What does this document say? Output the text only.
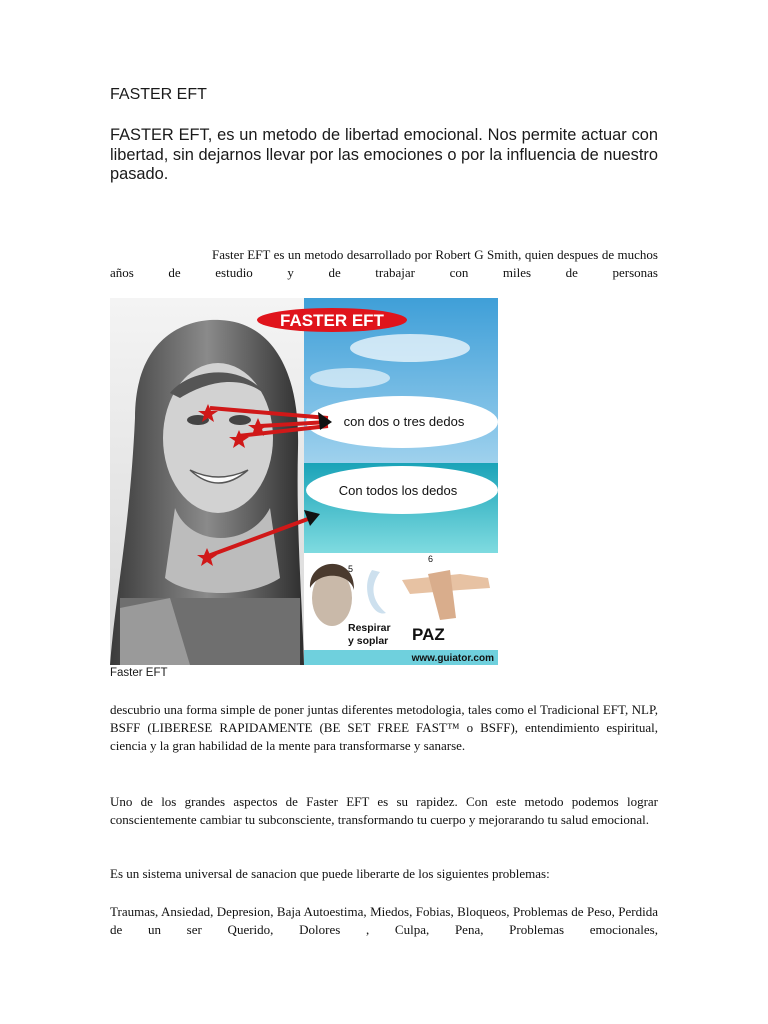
FASTER EFT

FASTER EFT, es un metodo de libertad emocional. Nos permite actuar con libertad, sin dejarnos llevar por las emociones o por la influencia de nuestro pasado.

Faster EFT es un metodo desarrollado por Robert G Smith, quien despues de muchos años de estudio y de trabajar con miles de personas

FASTER EFT
con dos o tres dedos
Con todos los dedos
5
Respirar
y soplar
6
PAZ
www.guiator.com
Faster EFT

descubrio una forma simple de poner juntas diferentes metodologia, tales como el Tradicional EFT, NLP, BSFF (LIBERESE RAPIDAMENTE (BE SET FREE FAST™ o BSFF), entendimiento espiritual, ciencia y la gran habilidad de la mente para transformarse y sanarse.

Uno de los grandes aspectos de Faster EFT es su rapidez. Con este metodo podemos lograr conscientemente cambiar tu subconsciente, transformando tu cuerpo y mejorarando tu salud emocional.

Es un sistema universal de sanacion que puede liberarte de los siguientes problemas:

Traumas, Ansiedad, Depresion, Baja Autoestima, Miedos, Fobias, Bloqueos, Problemas de Peso, Perdida de un ser Querido, Dolores , Culpa, Pena, Problemas emocionales,
